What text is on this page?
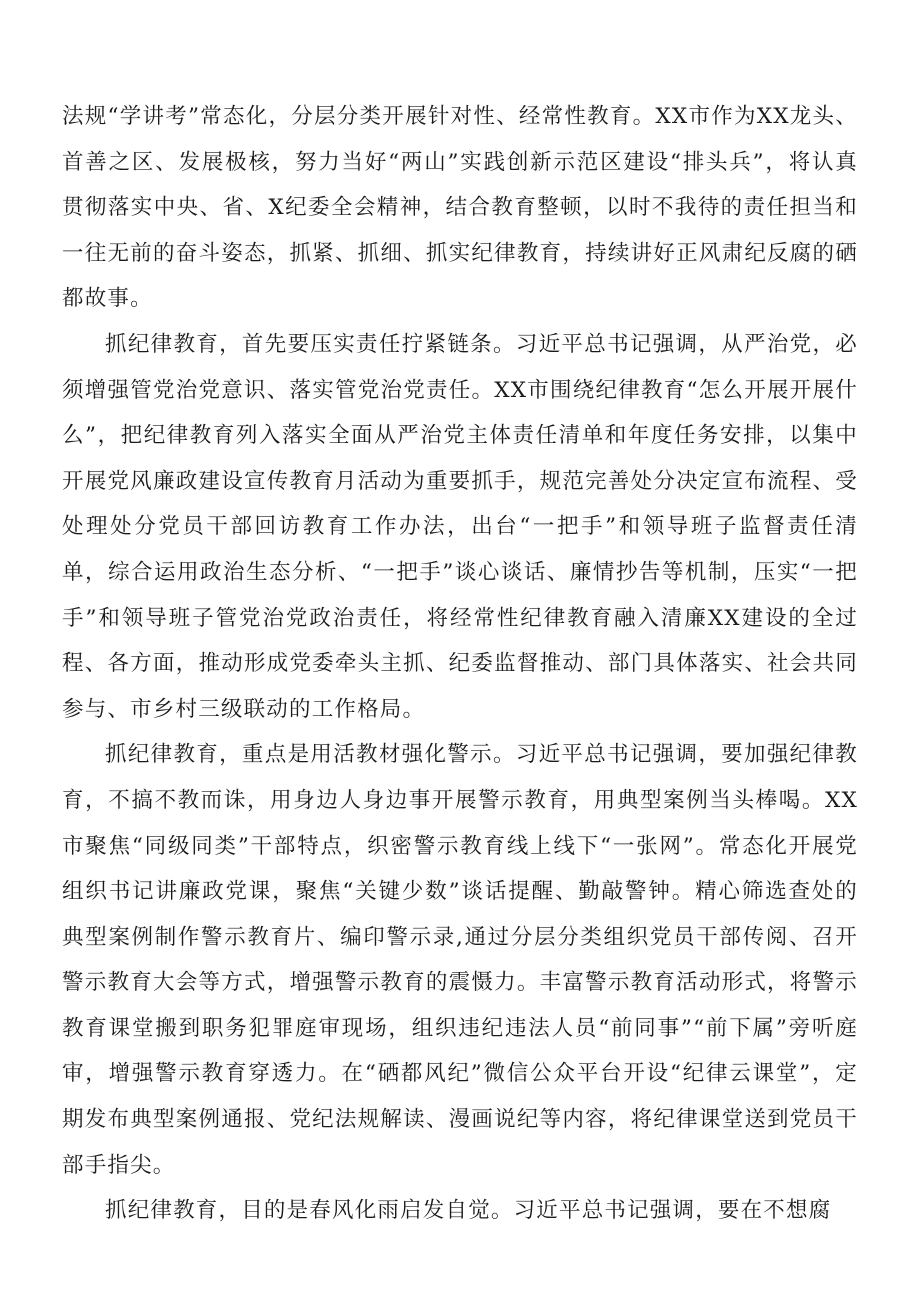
法规“学讲考”常态化，分层分类开展针对性、经常性教育。XX市作为XX龙头、首善之区、发展极核，努力当好“两山”实践创新示范区建设“排头兵”，将认真贯彻落实中央、省、X纪委全会精神，结合教育整顿，以时不我待的责任担当和一往无前的奋斗姿态，抓紧、抓细、抓实纪律教育，持续讲好正风肃纪反腐的硒都故事。

抓纪律教育，首先要压实责任拧紧链条。习近平总书记强调，从严治党，必须增强管党治党意识、落实管党治党责任。XX市围绕纪律教育“怎么开展开展什么”，把纪律教育列入落实全面从严治党主体责任清单和年度任务安排，以集中开展党风廉政建设宣传教育月活动为重要抓手，规范完善处分决定宣布流程、受处理处分党员干部回访教育工作办法，出台“一把手”和领导班子监督责任清单，综合运用政治生态分析、“一把手”谈心谈话、廉情抄告等机制，压实“一把手”和领导班子管党治党政治责任，将经常性纪律教育融入清廉XX建设的全过程、各方面，推动形成党委牵头主抓、纪委监督推动、部门具体落实、社会共同参与、市乡村三级联动的工作格局。

抓纪律教育，重点是用活教材强化警示。习近平总书记强调，要加强纪律教育，不搞不教而诛，用身边人身边事开展警示教育，用典型案例当头棒喝。XX市聚焦“同级同类”干部特点，织密警示教育线上线下“一张网”。常态化开展党组织书记讲廉政党课，聚焦“关键少数”谈话提醒、勤敲警钟。精心筛选查处的典型案例制作警示教育片、编印警示录,通过分层分类组织党员干部传阅、召开警示教育大会等方式，增强警示教育的震慑力。丰富警示教育活动形式，将警示教育课堂搬到职务犯罪庭审现场，组织违纪违法人员“前同事”“前下属”旁听庭审，增强警示教育穿透力。在“硒都风纪”微信公众平台开设“纪律云课堂”，定期发布典型案例通报、党纪法规解读、漫画说纪等内容，将纪律课堂送到党员干部手指尖。

抓纪律教育，目的是春风化雨启发自觉。习近平总书记强调，要在不想腐
